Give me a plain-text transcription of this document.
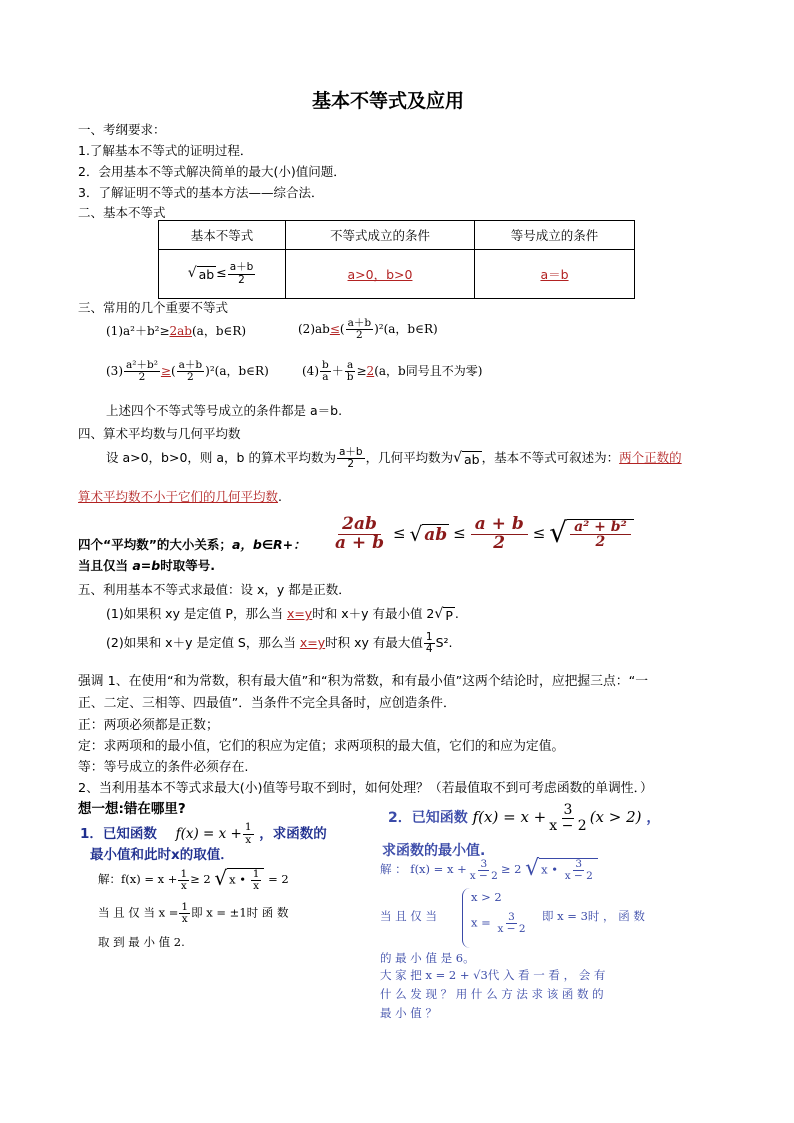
基本不等式及应用
一、考纲要求：
1.了解基本不等式的证明过程．
2．会用基本不等式解决简单的最大(小)值问题．
3．了解证明不等式的基本方法——综合法．
二、基本不等式
基本不等式	不等式成立的条件	等号成立的条件

√ ab ≤ $\frac{a+b}{2}$	a>0，b>0	a＝b
三、常用的几个重要不等式
(1)a²＋b²≥2ab(a，b∈R)	$(2)ab\le( \frac{a+b}{2} )^2(a$，b∈R)
$(3) \frac{\text{a²＋b²}}{2}$ ≥( $\frac{a+b}{2} )^2(a$，b∈R)	$(4) \frac{b}{a} + \frac{a}{b} \ge 2(a$，b同号且不为零)
上述四个不等式等号成立的条件都是 a＝b.
四、算术平均数与几何平均数
设 a>0，b>0，则 a，b 的算术平均数为 $\frac{a+b}{2}$ ，几何平均数为 √ ab ，基本不等式可叙述为：两个正数的
算术平均数不小于它们的几何平均数.
四个“平均数”的大小关系；a，b∈R+： $\frac{2ab}{a + b}$ ≤ √ ab ≤ $\frac{a + b}{2}$ ≤ √ $\frac{\text{a² + b²}}{2}$
当且仅当 a=b时取等号.
五、利用基本不等式求最值：设 x，y 都是正数．
(1)如果积 xy 是定值 P，那么当 x=y时和 x＋y 有最小值 2 √ P .
(2)如果和 x＋y 是定值 S，那么当 x=y时积 xy 有最大值 $\frac{1}{4} S^2$.
强调 1、在使用“和为常数，积有最大值”和“积为常数，和有最小值”这两个结论时，应把握三点：“一
正、二定、三相等、四最值”．当条件不完全具备时，应创造条件．
正：两项必须都是正数；
定：求两项和的最小值，它们的积应为定值；求两项积的最大值，它们的和应为定值。
等：等号成立的条件必须存在.
2、当利用基本不等式求最大(小)值等号取不到时，如何处理？（若最值取不到可考虑函数的单调性．）
想一想:错在哪里?
1．已知函数 $f(x) = x + \frac{1}{x}$ ，求函数的
最小值和此时x的取值．
解：$f(x) = x + \frac{1}{x} \ge 2$ √ x • $\frac{1}{x} = 2$
当 且 仅 当 $x = \frac{1}{x}$ 即 x = ±1时 函 数
取 到 最 小 值 2.
2．已知函数 $f(x) = x + \frac{3}{x - 2} (x > 2)$ ，
求函数的最小值.
解 ： $f(x) = x + \frac{3}{x - 2} \ge 2$ √ x • $\frac{3}{x - 2}$
当 且 仅 当
x > 2
$x = \frac{3}{x - 2}$ 即 x = 3时 ， 函 数
的 最 小 值 是 6。
大 家 把 x = 2 + √3代 入 看 一 看 ， 会 有
什 么 发 现 ？ 用 什 么 方 法 求 该 函 数 的
最 小 值 ？
